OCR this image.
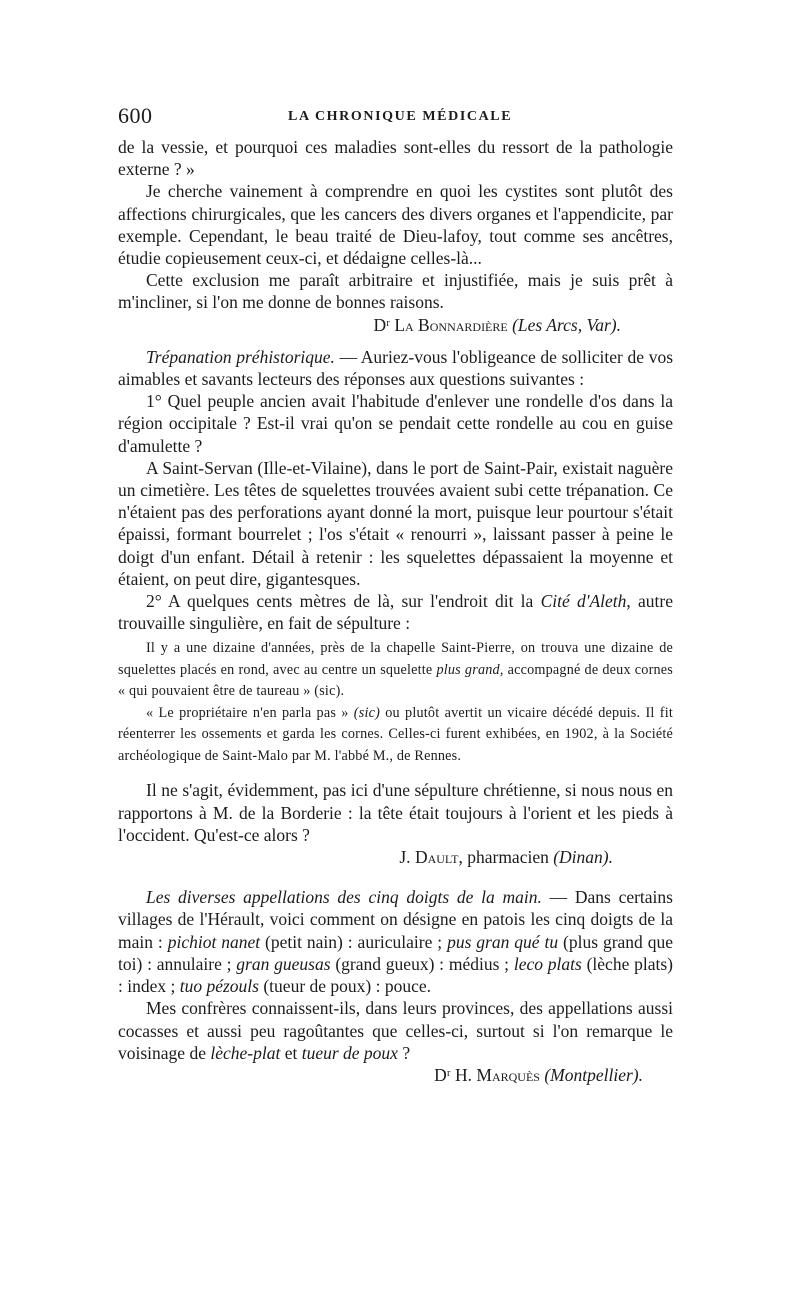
600	LA CHRONIQUE MÉDICALE

de la vessie, et pourquoi ces maladies sont-elles du ressort de la pathologie externe ? »

Je cherche vainement à comprendre en quoi les cystites sont plutôt des affections chirurgicales, que les cancers des divers organes et l'appendicite, par exemple. Cependant, le beau traité de Dieu-lafoy, tout comme ses ancêtres, étudie copieusement ceux-ci, et dédaigne celles-là...

Cette exclusion me paraît arbitraire et injustifiée, mais je suis prêt à m'incliner, si l'on me donne de bonnes raisons.

Dʳ La Bonnardière (Les Arcs, Var).

Trépanation préhistorique. — Auriez-vous l'obligeance de solliciter de vos aimables et savants lecteurs des réponses aux questions suivantes :

1° Quel peuple ancien avait l'habitude d'enlever une rondelle d'os dans la région occipitale ? Est-il vrai qu'on se pendait cette rondelle au cou en guise d'amulette ?

A Saint-Servan (Ille-et-Vilaine), dans le port de Saint-Pair, existait naguère un cimetière. Les têtes de squelettes trouvées avaient subi cette trépanation. Ce n'étaient pas des perforations ayant donné la mort, puisque leur pourtour s'était épaissi, formant bourrelet ; l'os s'était « renourri », laissant passer à peine le doigt d'un enfant. Détail à retenir : les squelettes dépassaient la moyenne et étaient, on peut dire, gigantesques.

2° A quelques cents mètres de là, sur l'endroit dit la Cité d'Aleth, autre trouvaille singulière, en fait de sépulture :

Il y a une dizaine d'années, près de la chapelle Saint-Pierre, on trouva une dizaine de squelettes placés en rond, avec au centre un squelette plus grand, accompagné de deux cornes « qui pouvaient être de taureau » (sic).

« Le propriétaire n'en parla pas » (sic) ou plutôt avertit un vicaire décédé depuis. Il fit réenterrer les ossements et garda les cornes. Celles-ci furent exhibées, en 1902, à la Société archéologique de Saint-Malo par M. l'abbé M., de Rennes.

Il ne s'agit, évidemment, pas ici d'une sépulture chrétienne, si nous nous en rapportons à M. de la Borderie : la tête était toujours à l'orient et les pieds à l'occident. Qu'est-ce alors ?

J. Dault, pharmacien (Dinan).

Les diverses appellations des cinq doigts de la main. — Dans certains villages de l'Hérault, voici comment on désigne en patois les cinq doigts de la main : pichiot nanet (petit nain) : auriculaire ; pus gran qué tu (plus grand que toi) : annulaire ; gran gueusas (grand gueux) : médius ; leco plats (lèche plats) : index ; tuo pézouls (tueur de poux) : pouce.

Mes confrères connaissent-ils, dans leurs provinces, des appellations aussi cocasses et aussi peu ragoûtantes que celles-ci, surtout si l'on remarque le voisinage de lèche-plat et tueur de poux ?

Dʳ H. Marquès (Montpellier).
